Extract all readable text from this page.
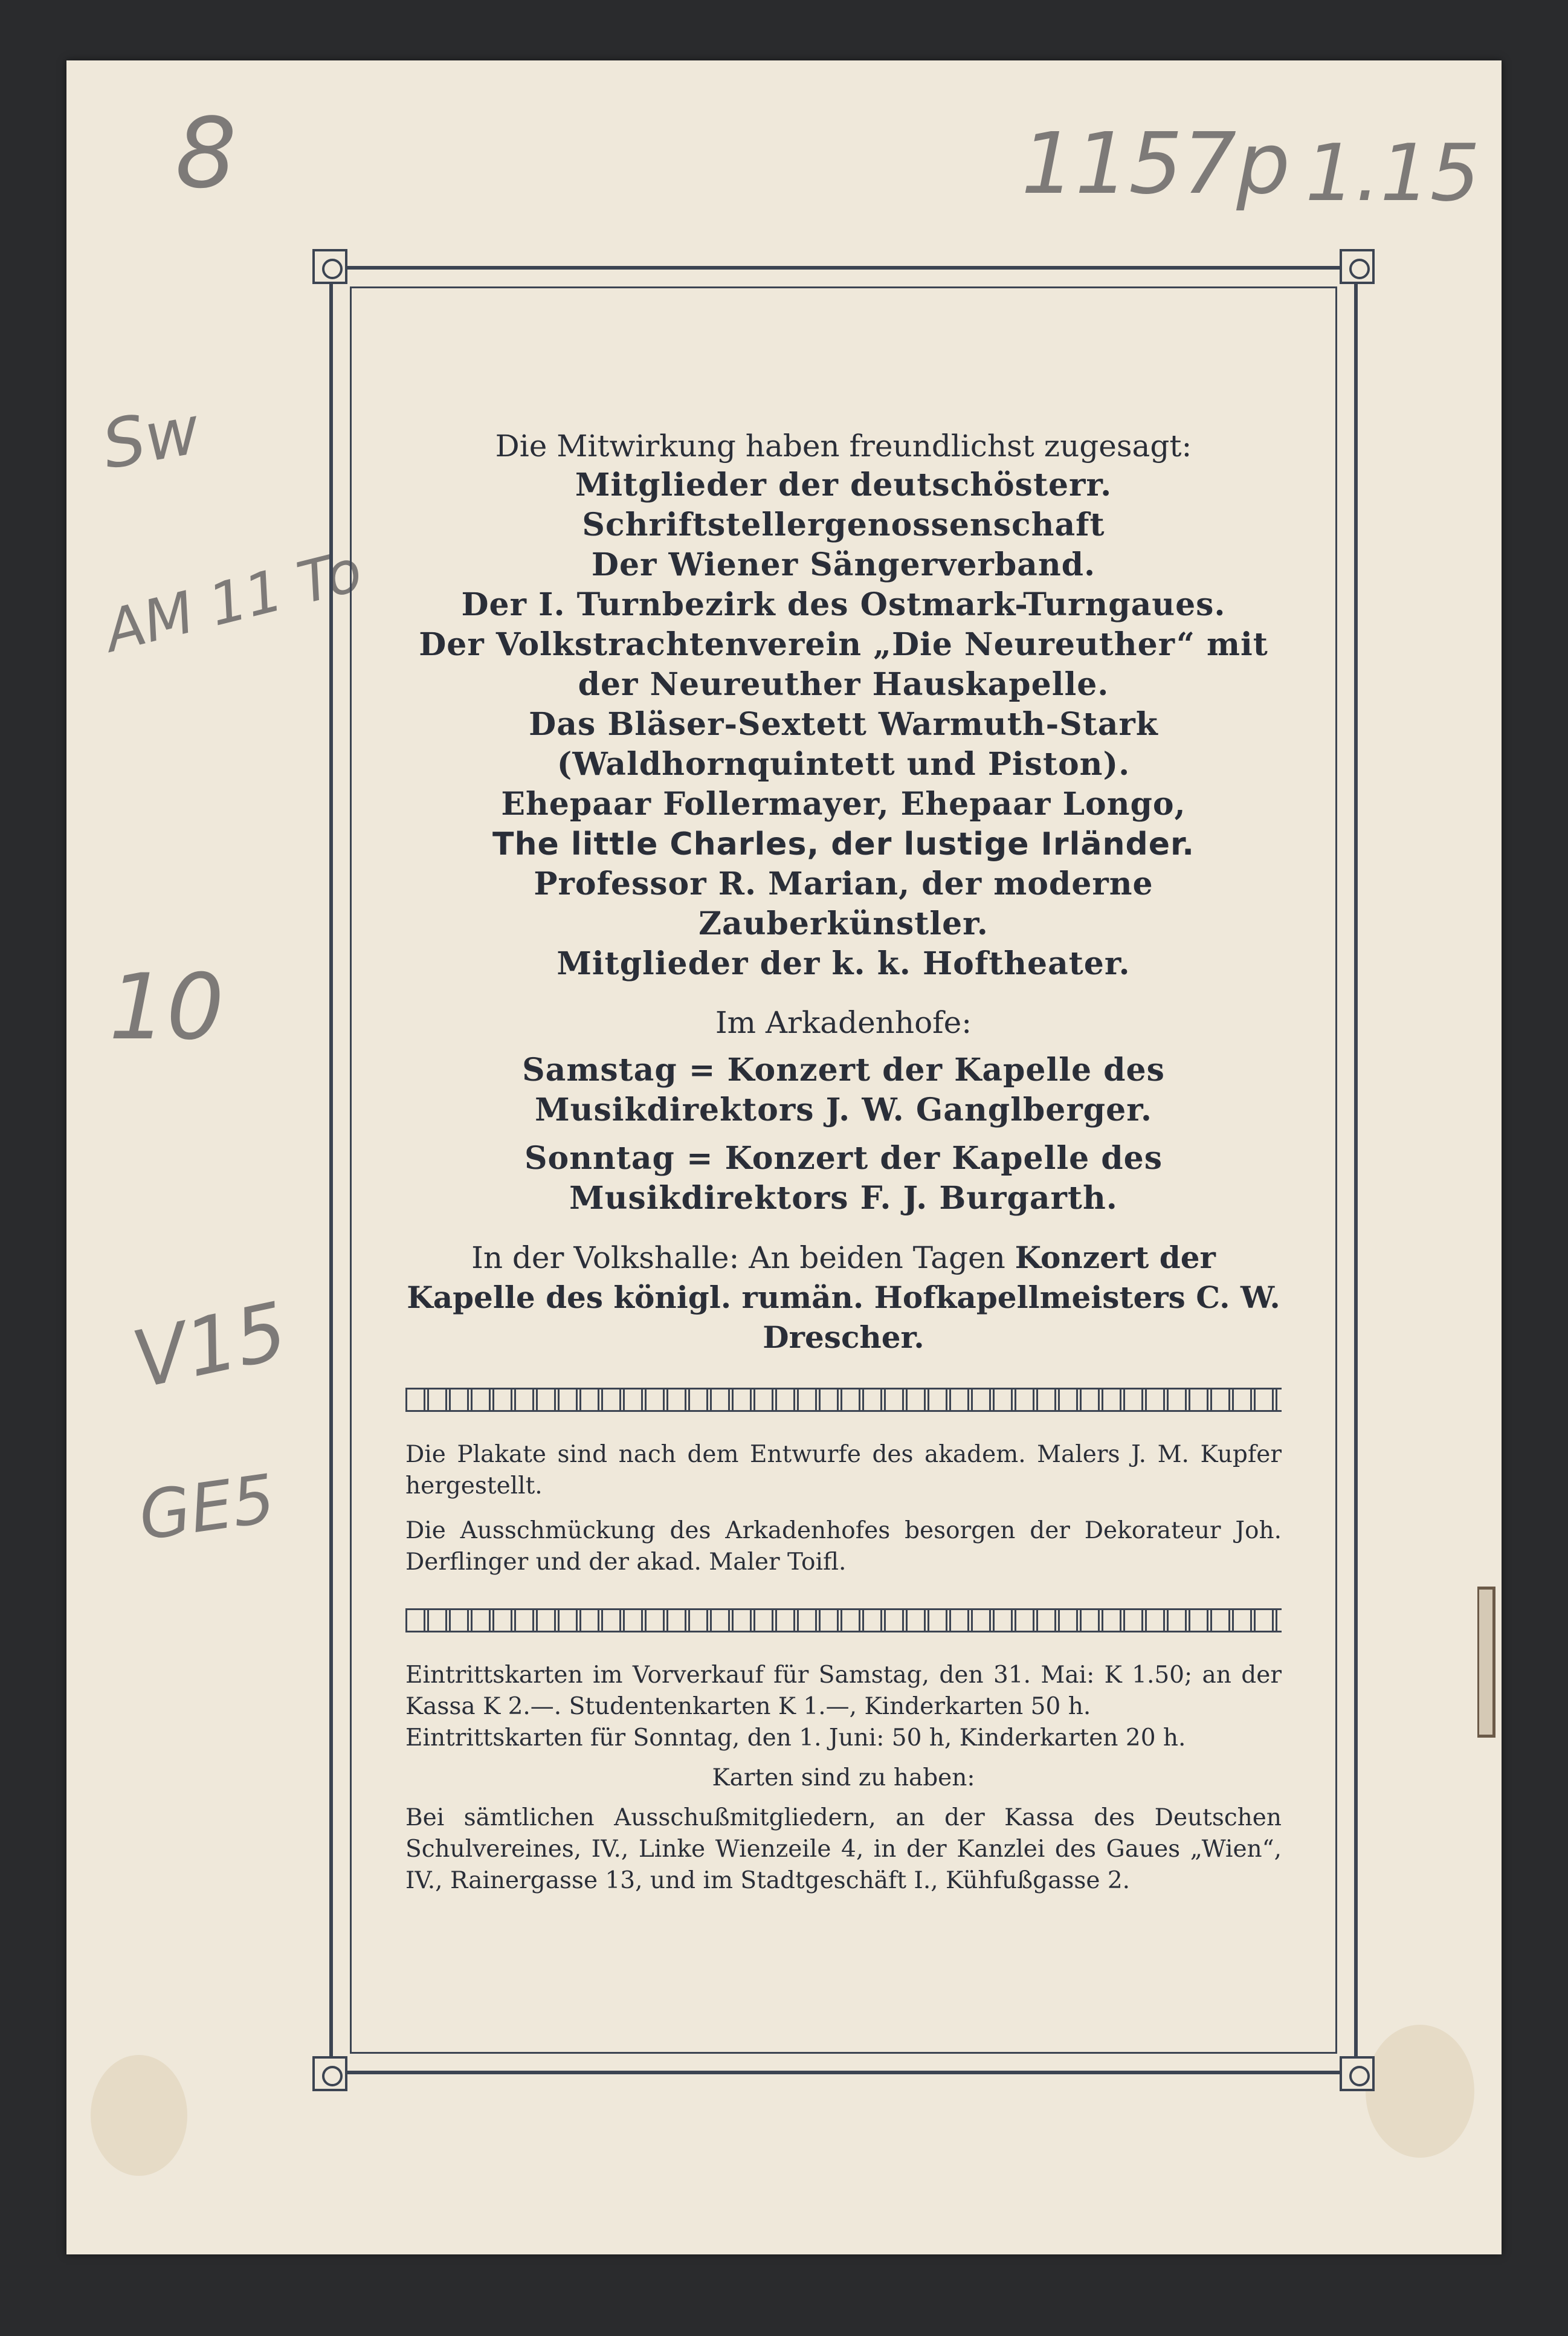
8	1157p 1.15
Sw
AM 11 To
10
V15
GE5
Die Mitwirkung haben freundlichst zugesagt:
Mitglieder der deutschösterr. Schriftstellergenossenschaft
Der Wiener Sängerverband.
Der I. Turnbezirk des Ostmark-Turngaues.
Der Volkstrachtenverein „Die Neureuther“ mit der Neureuther Hauskapelle.
Das Bläser-Sextett Warmuth-Stark (Waldhornquintett und Piston).
Ehepaar Follermayer, Ehepaar Longo,
The little Charles, der lustige Irländer.
Professor R. Marian, der moderne Zauberkünstler.
Mitglieder der k. k. Hoftheater.
Im Arkadenhofe:
Samstag = Konzert der Kapelle des Musikdirektors J. W. Ganglberger.
Sonntag = Konzert der Kapelle des Musikdirektors F. J. Burgarth.
In der Volkshalle: An beiden Tagen Konzert der Kapelle des königl. rumän. Hofkapellmeisters C. W. Drescher.
Die Plakate sind nach dem Entwurfe des akadem. Malers J. M. Kupfer hergestellt.
Die Ausschmückung des Arkadenhofes besorgen der Dekorateur Joh. Derflinger und der akad. Maler Toifl.
Eintrittskarten im Vorverkauf für Samstag, den 31. Mai: K 1.50; an der Kassa K 2.—. Studentenkarten K 1.—, Kinderkarten 50 h.
Eintrittskarten für Sonntag, den 1. Juni: 50 h, Kinderkarten 20 h.
Karten sind zu haben:
Bei sämtlichen Ausschußmitgliedern, an der Kassa des Deutschen Schulvereines, IV., Linke Wienzeile 4, in der Kanzlei des Gaues „Wien“, IV., Rainergasse 13, und im Stadtgeschäft I., Kühfußgasse 2.
